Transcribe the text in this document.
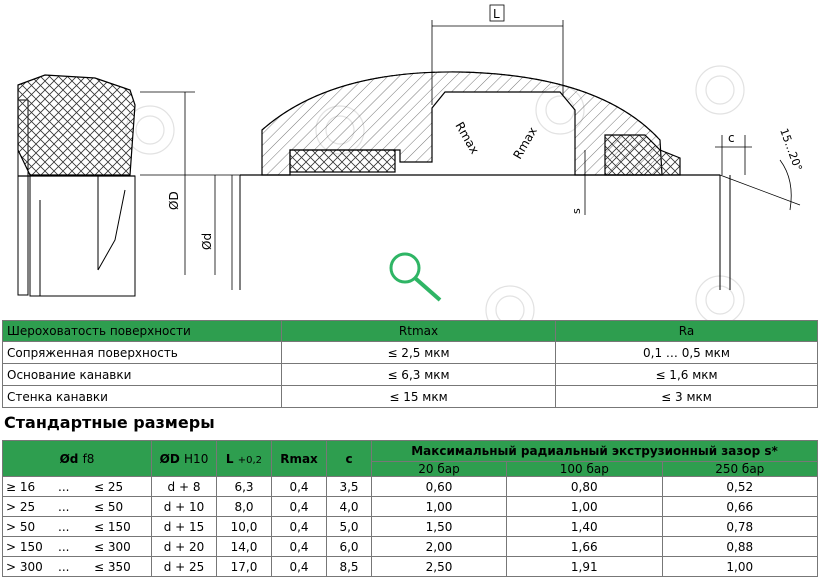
ØD
Ød
L
Rmax Rmax
s
c	15…20°
Шероховатость поверхности	Rtmax	Ra
Сопряженная поверхность	≤ 2,5 мкм	0,1 … 0,5 мкм
Основание канавки	≤ 6,3 мкм	≤ 1,6 мкм
Стенка канавки	≤ 15 мкм	≤ 3 мкм
Стандартные размеры
Ød f8	ØD H10	L +0,2	Rmax	c	Максимальный радиальный экструзионный зазор s*		
					20 бар	100 бар	250 бар
≥ 16 ... ≤ 25	d + 8	6,3	0,4	3,5	0,60	0,80	0,52
> 25 ... ≤ 50	d + 10	8,0	0,4	4,0	1,00	1,00	0,66
> 50 ... ≤ 150	d + 15	10,0	0,4	5,0	1,50	1,40	0,78
> 150 ... ≤ 300	d + 20	14,0	0,4	6,0	2,00	1,66	0,88
> 300 ... ≤ 350	d + 25	17,0	0,4	8,5	2,50	1,91	1,00
